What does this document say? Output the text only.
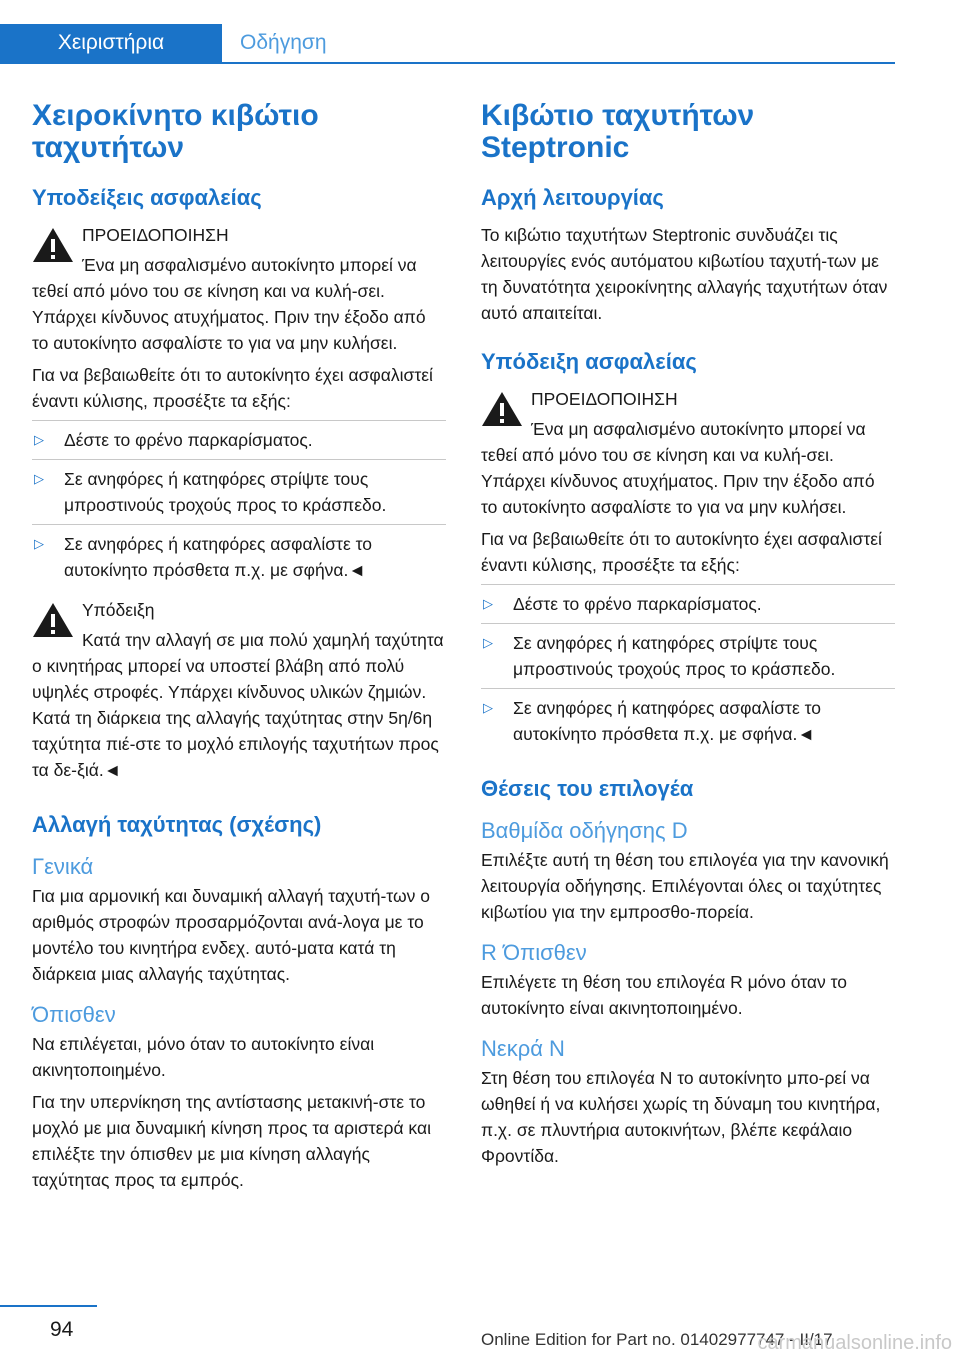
Χειριστήρια	Οδήγηση
Χειροκίνητο κιβώτιο ταχυτήτων
Υποδείξεις ασφαλείας
ΠΡΟΕΙΔΟΠΟΙΗΣΗ

Ένα μη ασφαλισμένο αυτοκίνητο μπορεί να τεθεί από μόνο του σε κίνηση και να κυλή-σει. Υπάρχει κίνδυνος ατυχήματος. Πριν την έξοδο από το αυτοκίνητο ασφαλίστε το για να μην κυλήσει.

Για να βεβαιωθείτε ότι το αυτοκίνητο έχει ασφαλιστεί έναντι κύλισης, προσέξτε τα εξής:

▷ Δέστε το φρένο παρκαρίσματος.
▷ Σε ανηφόρες ή κατηφόρες στρίψτε τους μπροστινούς τροχούς προς το κράσπεδο.
▷ Σε ανηφόρες ή κατηφόρες ασφαλίστε το αυτοκίνητο πρόσθετα π.χ. με σφήνα.◄
Υπόδειξη

Κατά την αλλαγή σε μια πολύ χαμηλή ταχύτητα ο κινητήρας μπορεί να υποστεί βλάβη από πολύ υψηλές στροφές. Υπάρχει κίνδυνος υλικών ζημιών. Κατά τη διάρκεια της αλλαγής ταχύτητας στην 5η/6η ταχύτητα πιέ-στε το μοχλό επιλογής ταχυτήτων προς τα δε-ξιά.◄

Αλλαγή ταχύτητας (σχέσης)
Γενικά

Για μια αρμονική και δυναμική αλλαγή ταχυτή-των ο αριθμός στροφών προσαρμόζονται ανά-λογα με το μοντέλο του κινητήρα ενδεχ. αυτό-ματα κατά τη διάρκεια μιας αλλαγής ταχύτητας.

Όπισθεν

Να επιλέγεται, μόνο όταν το αυτοκίνητο είναι ακινητοποιημένο.

Για την υπερνίκηση της αντίστασης μετακινή-στε το μοχλό με μια δυναμική κίνηση προς τα αριστερά και επιλέξτε την όπισθεν με μια κίνηση αλλαγής ταχύτητας προς τα εμπρός.

Κιβώτιο ταχυτήτων Steptronic
Αρχή λειτουργίας

Το κιβώτιο ταχυτήτων Steptronic συνδυάζει τις λειτουργίες ενός αυτόματου κιβωτίου ταχυτή-των με τη δυνατότητα χειροκίνητης αλλαγής ταχυτήτων όταν αυτό απαιτείται.

Υπόδειξη ασφαλείας
ΠΡΟΕΙΔΟΠΟΙΗΣΗ

Ένα μη ασφαλισμένο αυτοκίνητο μπορεί να τεθεί από μόνο του σε κίνηση και να κυλή-σει. Υπάρχει κίνδυνος ατυχήματος. Πριν την έξοδο από το αυτοκίνητο ασφαλίστε το για να μην κυλήσει.

Για να βεβαιωθείτε ότι το αυτοκίνητο έχει ασφαλιστεί έναντι κύλισης, προσέξτε τα εξής:

▷ Δέστε το φρένο παρκαρίσματος.
▷ Σε ανηφόρες ή κατηφόρες στρίψτε τους μπροστινούς τροχούς προς το κράσπεδο.
▷ Σε ανηφόρες ή κατηφόρες ασφαλίστε το αυτοκίνητο πρόσθετα π.χ. με σφήνα.◄
Θέσεις του επιλογέα
Βαθμίδα οδήγησης D

Επιλέξτε αυτή τη θέση του επιλογέα για την κανονική λειτουργία οδήγησης. Επιλέγονται όλες οι ταχύτητες κιβωτίου για την εμπροσθο-πορεία.

R Όπισθεν

Επιλέγετε τη θέση του επιλογέα R μόνο όταν το αυτοκίνητο είναι ακινητοποιημένο.

Νεκρά N

Στη θέση του επιλογέα N το αυτοκίνητο μπο-ρεί να ωθηθεί ή να κυλήσει χωρίς τη δύναμη του κινητήρα, π.χ. σε πλυντήρια αυτοκινήτων, βλέπε κεφάλαιο Φροντίδα.

94	Online Edition for Part no. 01402977747 - II/17
carmanualsonline.info
